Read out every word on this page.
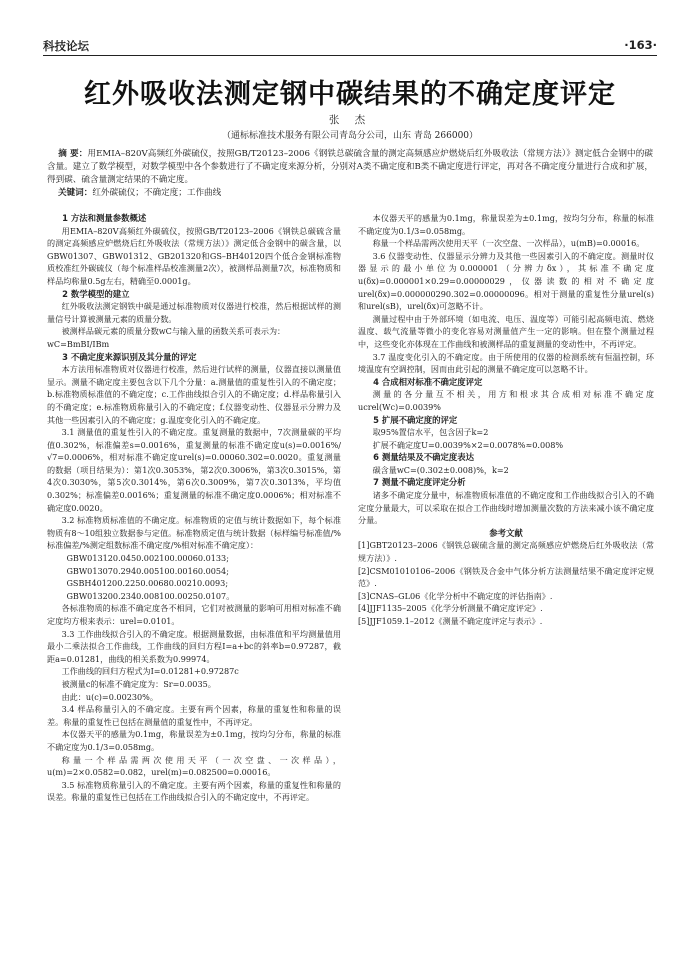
科技论坛	·163·
红外吸收法测定钢中碳结果的不确定度评定
张 杰
（通标标准技术服务有限公司青岛分公司，山东 青岛 266000）

摘 要：用EMIA–820V高频红外碳硫仪，按照GB/T20123–2006《钢铁总碳硫含量的测定高频感应炉燃烧后红外吸收法（常规方法）》测定低合金钢中的碳含量。建立了数学模型，对数学模型中各个参数进行了不确定度来源分析，分别对A类不确定度和B类不确定度进行评定，再对各不确定度分量进行合成和扩展，得到碳、硫含量测定结果的不确定度。

关键词：红外碳硫仪；不确定度；工作曲线

1 方法和测量参数概述

用EMIA–820V高频红外碳硫仪，按照GB/T20123–2006《钢铁总碳硫含量的测定高频感应炉燃烧后红外吸收法（常规方法）》测定低合金钢中的碳含量，以GBW01307、GBW01312、GB201320和GS–BH40120四个低合金钢标准物质校准红外碳硫仪（每个标准样品校准测量2次），被测样品测量7次，标准物质和样品均称量0.5g左右，精确至0.0001g。

2 数学模型的建立

红外吸收法测定钢铁中碳是通过标准物质对仪器进行校准，然后根据试样的测量信号计算被测量元素的质量分数。

被测样品碳元素的质量分数wC与输入量的函数关系可表示为：

wC=BmBI/IBm

3 不确定度来源识别及其分量的评定

本方法用标准物质对仪器进行校准，然后进行试样的测量，仪器直接以测量值显示。测量不确定度主要包含以下几个分量：a.测量值的重复性引入的不确定度；b.标准物质标准值的不确定度；c.工作曲线拟合引入的不确定度；d.样品称量引入的不确定度；e.标准物质称量引入的不确定度；f.仪器变动性、仪器显示分辨力及其他一些因素引入的不确定度；g.温度变化引入的不确定度。

3.1 测量值的重复性引入的不确定度。重复测量的数据中，7次测量碳的平均值0.302%，标准偏差s=0.0016%，重复测量的标准不确定度u(s)=0.0016%/√7=0.0006%，相对标准不确定度urel(s)=0.00060.302=0.0020。重复测量的数据（项目结果为）：第1次0.3053%，第2次0.3006%，第3次0.3015%，第4次0.3030%，第5次0.3014%，第6次0.3009%，第7次0.3013%，平均值0.302%；标准偏差0.0016%；重复测量的标准不确定度0.0006%；相对标准不确定度0.0020。

3.2 标准物质标准值的不确定度。标准物质的定值与统计数据如下，每个标准物质有8～10组独立数据参与定值。标准物质定值与统计数据（标样编号标准值/%标准偏差/%测定组数标准不确定度/%相对标准不确定度）：

GBW013120.0450.002100.00060.0133;

GBW013070.2940.005100.00160.0054;

GSBH401200.2250.00680.00210.0093;

GBW013200.2340.008100.00250.0107。

各标准物质的标准不确定度各不相同，它们对被测量的影响可用相对标准不确定度均方根来表示：urel=0.0101。

3.3 工作曲线拟合引入的不确定度。根据测量数据，由标准值和平均测量值用最小二乘法拟合工作曲线，工作曲线的回归方程I=a+bc的斜率b=0.97287，截距a=0.01281，曲线的相关系数为0.99974。

工作曲线的回归方程式为I=0.01281+0.97287c

被测量c的标准不确定度为：Sr=0.0035。

由此：u(c)=0.00230%。

3.4 样品称量引入的不确定度。主要有两个因素，称量的重复性和称量的误差。称量的重复性已包括在测量值的重复性中，不再评定。

本仪器天平的感量为0.1mg，称量误差为±0.1mg，按均匀分布，称量的标准不确定度为0.1/3=0.058mg。

称量一个样品需两次使用天平（一次空盘、一次样品），u(m)=2×0.0582=0.082，urel(m)=0.082500=0.00016。

3.5 标准物质称量引入的不确定度。主要有两个因素，称量的重复性和称量的误差。称量的重复性已包括在工作曲线拟合引入的不确定度中，不再评定。

本仪器天平的感量为0.1mg，称量误差为±0.1mg，按均匀分布，称量的标准不确定度为0.1/3=0.058mg。

称量一个样品需两次使用天平（一次空盘、一次样品），u(mB)=0.00016。

3.6 仪器变动性、仪器显示分辨力及其他一些因素引入的不确定度。测量时仪器显示的最小单位为0.000001（分辨力δx），其标准不确定度u(δx)=0.000001×0.29=0.00000029，仪器读数的相对不确定度urel(δx)=0.000000290.302=0.00000096。相对于测量的重复性分量urel(s)和urel(sB)，urel(δx)可忽略不计。

测量过程中由于外部环境（如电流、电压、温度等）可能引起高频电流、燃烧温度、载气流量等微小的变化容易对测量值产生一定的影响。但在整个测量过程中，这些变化亦体现在工作曲线和被测样品的重复测量的变动性中，不再评定。

3.7 温度变化引入的不确定度。由于所使用的仪器的检测系统有恒温控制，环境温度有空调控制，因而由此引起的测量不确定度可以忽略不计。

4 合成相对标准不确定度评定

测量的各分量互不相关，用方和根求其合成相对标准不确定度ucrel(Wc)=0.0039%

5 扩展不确定度的评定

取95%置信水平，包含因子k=2

扩展不确定度U=0.0039%×2=0.0078%≈0.008%

6 测量结果及不确定度表达

碳含量wC=(0.302±0.008)%，k=2

7 测量不确定度评定分析

诸多不确定度分量中，标准物质标准值的不确定度和工作曲线拟合引入的不确定度分量最大，可以采取在拟合工作曲线时增加测量次数的方法来减小该不确定度分量。

参考文献

[1]GBT20123–2006《钢铁总碳硫含量的测定高频感应炉燃烧后红外吸收法（常规方法）》.

[2]CSM01010106–2006《钢铁及合金中气体分析方法测量结果不确定度评定规范》.

[3]CNAS–GL06《化学分析中不确定度的评估指南》.

[4]JJF1135–2005《化学分析测量不确定度评定》.

[5]JJF1059.1–2012《测量不确定度评定与表示》.
